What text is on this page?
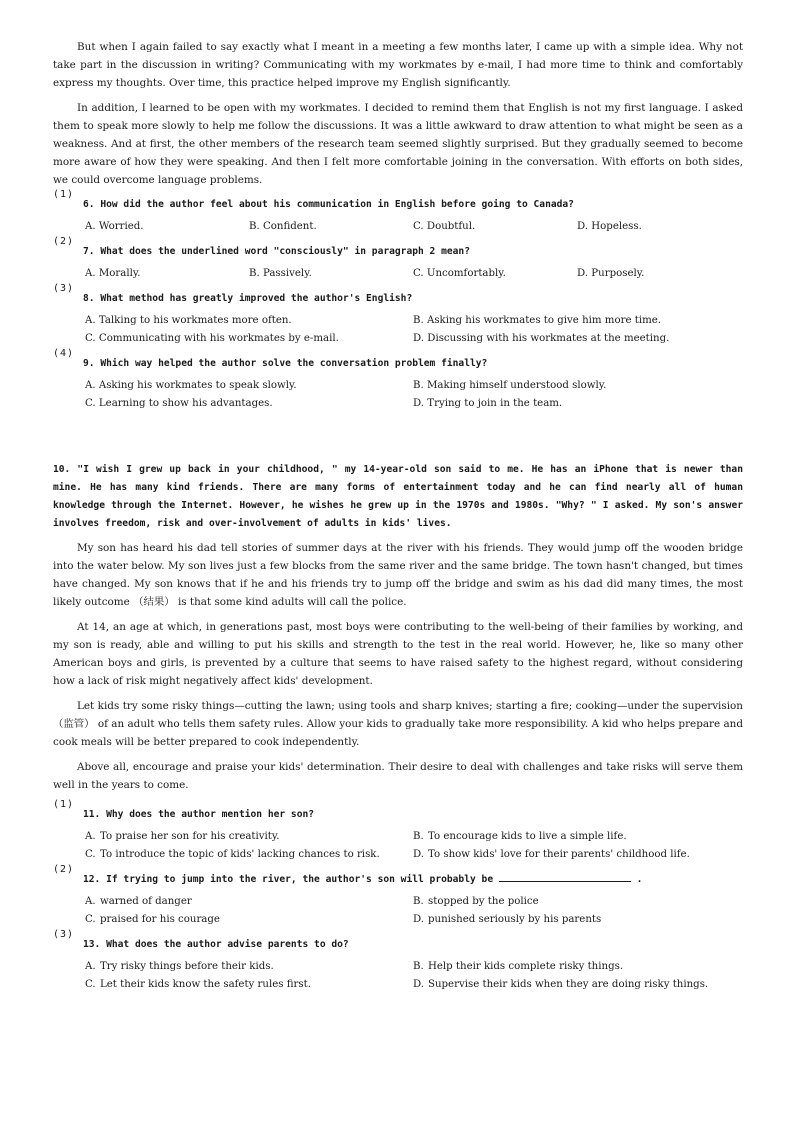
But when I again failed to say exactly what I meant in a meeting a few months later, I came up with a simple idea. Why not take part in the discussion in writing? Communicating with my workmates by e-mail, I had more time to think and comfortably express my thoughts. Over time, this practice helped improve my English significantly.

In addition, I learned to be open with my workmates. I decided to remind them that English is not my first language. I asked them to speak more slowly to help me follow the discussions. It was a little awkward to draw attention to what might be seen as a weakness. And at first, the other members of the research team seemed slightly surprised. But they gradually seemed to become more aware of how they were speaking. And then I felt more comfortable joining in the conversation. With efforts on both sides, we could overcome language problems.

(1)
6. How did the author feel about his communication in English before going to Canada?
A. Worried.	B. Confident.	C. Doubtful.	D. Hopeless.
(2)
7. What does the underlined word "consciously" in paragraph 2 mean?
A. Morally.	B. Passively.	C. Uncomfortably.	D. Purposely.
(3)
8. What method has greatly improved the author's English?
A. Talking to his workmates more often.	B. Asking his workmates to give him more time.
C. Communicating with his workmates by e-mail.	D. Discussing with his workmates at the meeting.
(4)
9. Which way helped the author solve the conversation problem finally?
A. Asking his workmates to speak slowly.	B. Making himself understood slowly.
C. Learning to show his advantages.	D. Trying to join in the team.
10. "I wish I grew up back in your childhood, " my 14-year-old son said to me. He has an iPhone that is newer than mine. He has many kind friends. There are many forms of entertainment today and he can find nearly all of human knowledge through the Internet. However, he wishes he grew up in the 1970s and 1980s. "Why? " I asked. My son's answer involves freedom, risk and over-involvement of adults in kids' lives.

My son has heard his dad tell stories of summer days at the river with his friends. They would jump off the wooden bridge into the water below. My son lives just a few blocks from the same river and the same bridge. The town hasn't changed, but times have changed. My son knows that if he and his friends try to jump off the bridge and swim as his dad did many times, the most likely outcome （结果） is that some kind adults will call the police.

At 14, an age at which, in generations past, most boys were contributing to the well-being of their families by working, and my son is ready, able and willing to put his skills and strength to the test in the real world. However, he, like so many other American boys and girls, is prevented by a culture that seems to have raised safety to the highest regard, without considering how a lack of risk might negatively affect kids' development.

Let kids try some risky things—cutting the lawn; using tools and sharp knives; starting a fire; cooking—under the supervision （监管） of an adult who tells them safety rules. Allow your kids to gradually take more responsibility. A kid who helps prepare and cook meals will be better prepared to cook independently.

Above all, encourage and praise your kids' determination. Their desire to deal with challenges and take risks will serve them well in the years to come.

(1)
11. Why does the author mention her son?
A. To praise her son for his creativity.	B. To encourage kids to live a simple life.
C. To introduce the topic of kids' lacking chances to risk.	D. To show kids' love for their parents' childhood life.
(2)
12. If trying to jump into the river, the author's son will probably be	.
A. warned of danger	B. stopped by the police
C. praised for his courage	D. punished seriously by his parents
(3)
13. What does the author advise parents to do?
A. Try risky things before their kids.	B. Help their kids complete risky things.
C. Let their kids know the safety rules first.	D. Supervise their kids when they are doing risky things.
